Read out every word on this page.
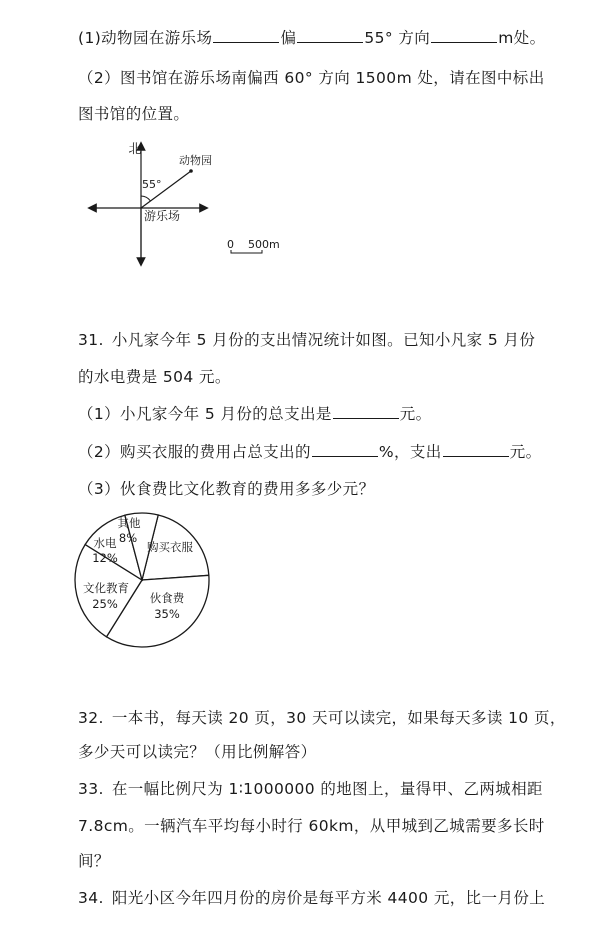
(1)动物园在游乐场	偏	55° 方向	m处。
（2）图书馆在游乐场南偏西 60° 方向 1500m 处，请在图中标出
图书馆的位置。
北
动物园
55°
游乐场
0 500m
31. 小凡家今年 5 月份的支出情况统计如图。已知小凡家 5 月份
的水电费是 504 元。
（1）小凡家今年 5 月份的总支出是	元。
（2）购买衣服的费用占总支出的	%，支出	元。
（3）伙食费比文化教育的费用多多少元？
其他
8%
水电
12%
购买衣服
文化教育
25%	伙食费
35%
32. 一本书，每天读 20 页，30 天可以读完，如果每天多读 10 页，
多少天可以读完？（用比例解答）
33. 在一幅比例尺为 1∶1000000 的地图上，量得甲、乙两城相距
7.8cm。一辆汽车平均每小时行 60km，从甲城到乙城需要多长时
间？
34. 阳光小区今年四月份的房价是每平方米 4400 元，比一月份上
